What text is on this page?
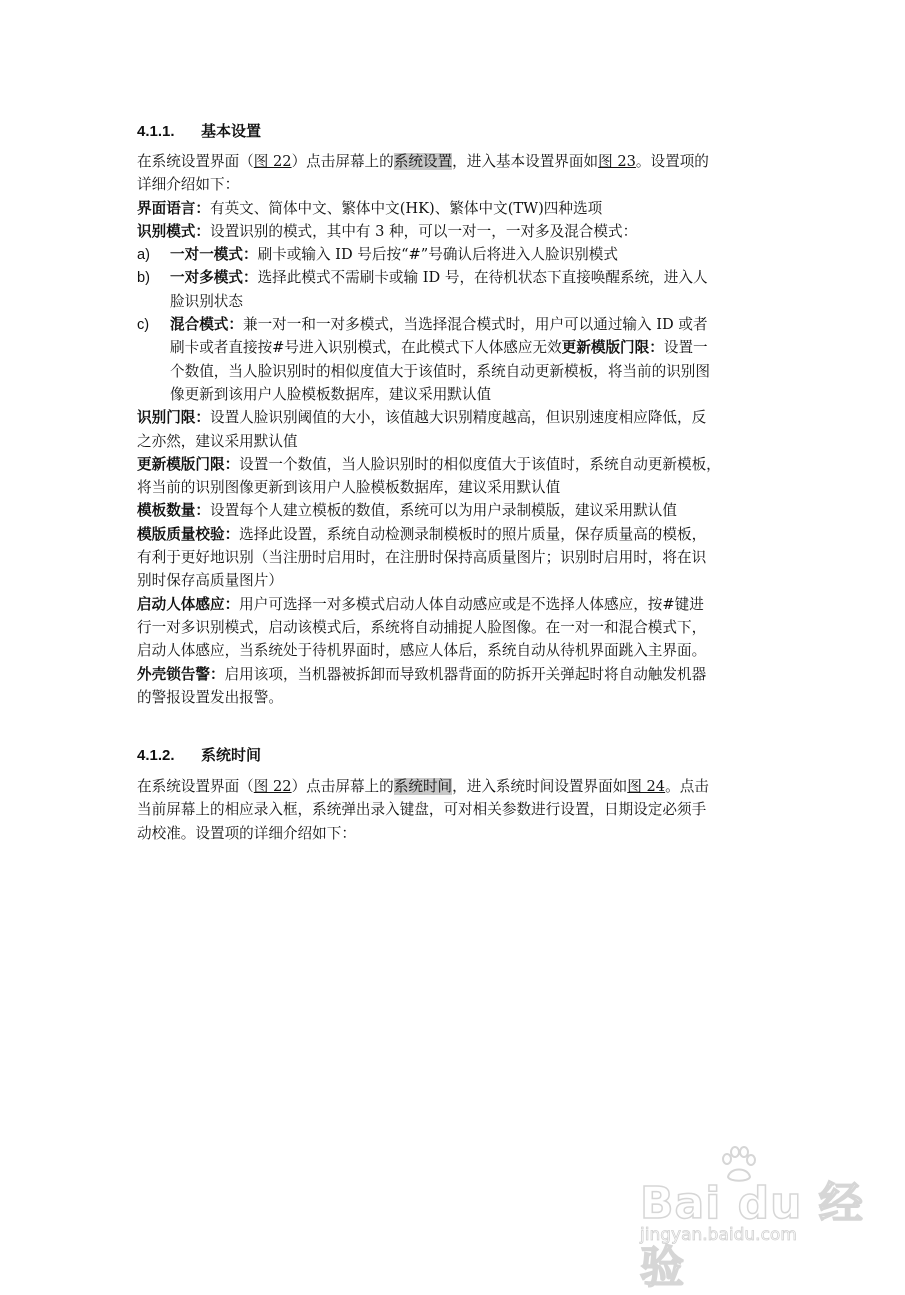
4.1.1. 基本设置
在系统设置界面（图 22）点击屏幕上的系统设置，进入基本设置界面如图 23。设置项的
详细介绍如下：
界面语言：有英文、简体中文、繁体中文(HK)、繁体中文(TW)四种选项
识别模式：设置识别的模式，其中有 3 种，可以一对一，一对多及混合模式：
a) 一对一模式：刷卡或输入 ID 号后按“#”号确认后将进入人脸识别模式
b) 一对多模式：选择此模式不需刷卡或输 ID 号，在待机状态下直接唤醒系统，进入人
脸识别状态
c) 混合模式：兼一对一和一对多模式，当选择混合模式时，用户可以通过输入 ID 或者
刷卡或者直接按#号进入识别模式，在此模式下人体感应无效更新模版门限：设置一
个数值，当人脸识别时的相似度值大于该值时，系统自动更新模板，将当前的识别图
像更新到该用户人脸模板数据库，建议采用默认值
识别门限：设置人脸识别阈值的大小，该值越大识别精度越高，但识别速度相应降低，反
之亦然，建议采用默认值
更新模版门限：设置一个数值，当人脸识别时的相似度值大于该值时，系统自动更新模板，
将当前的识别图像更新到该用户人脸模板数据库，建议采用默认值
模板数量：设置每个人建立模板的数值，系统可以为用户录制模版，建议采用默认值
模版质量校验：选择此设置，系统自动检测录制模板时的照片质量，保存质量高的模板，
有利于更好地识别（当注册时启用时，在注册时保持高质量图片；识别时启用时，将在识
别时保存高质量图片）
启动人体感应：用户可选择一对多模式启动人体自动感应或是不选择人体感应，按#键进
行一对多识别模式，启动该模式后，系统将自动捕捉人脸图像。在一对一和混合模式下，
启动人体感应，当系统处于待机界面时，感应人体后，系统自动从待机界面跳入主界面。
外壳锁告警：启用该项，当机器被拆卸而导致机器背面的防拆开关弹起时将自动触发机器
的警报设置发出报警。
4.1.2. 系统时间
在系统设置界面（图 22）点击屏幕上的系统时间，进入系统时间设置界面如图 24。点击
当前屏幕上的相应录入框，系统弹出录入键盘，可对相关参数进行设置，日期设定必须手
动校准。设置项的详细介绍如下：
Bai du 经验
jingyan.baidu.com
